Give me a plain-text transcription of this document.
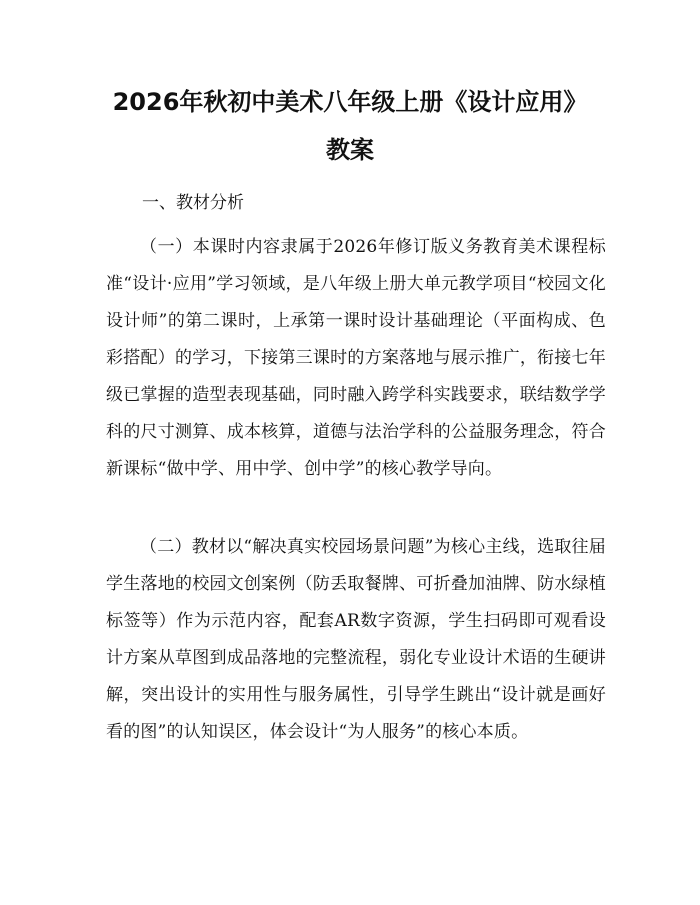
2026年秋初中美术八年级上册《设计应用》
教案

一、教材分析

（一）本课时内容隶属于2026年修订版义务教育美术课程标准“设计·应用”学习领域，是八年级上册大单元教学项目“校园文化设计师”的第二课时，上承第一课时设计基础理论（平面构成、色彩搭配）的学习，下接第三课时的方案落地与展示推广，衔接七年级已掌握的造型表现基础，同时融入跨学科实践要求，联结数学学科的尺寸测算、成本核算，道德与法治学科的公益服务理念，符合新课标“做中学、用中学、创中学”的核心教学导向。

（二）教材以“解决真实校园场景问题”为核心主线，选取往届学生落地的校园文创案例（防丢取餐牌、可折叠加油牌、防水绿植标签等）作为示范内容，配套AR数字资源，学生扫码即可观看设计方案从草图到成品落地的完整流程，弱化专业设计术语的生硬讲解，突出设计的实用性与服务属性，引导学生跳出“设计就是画好看的图”的认知误区，体会设计“为人服务”的核心本质。
